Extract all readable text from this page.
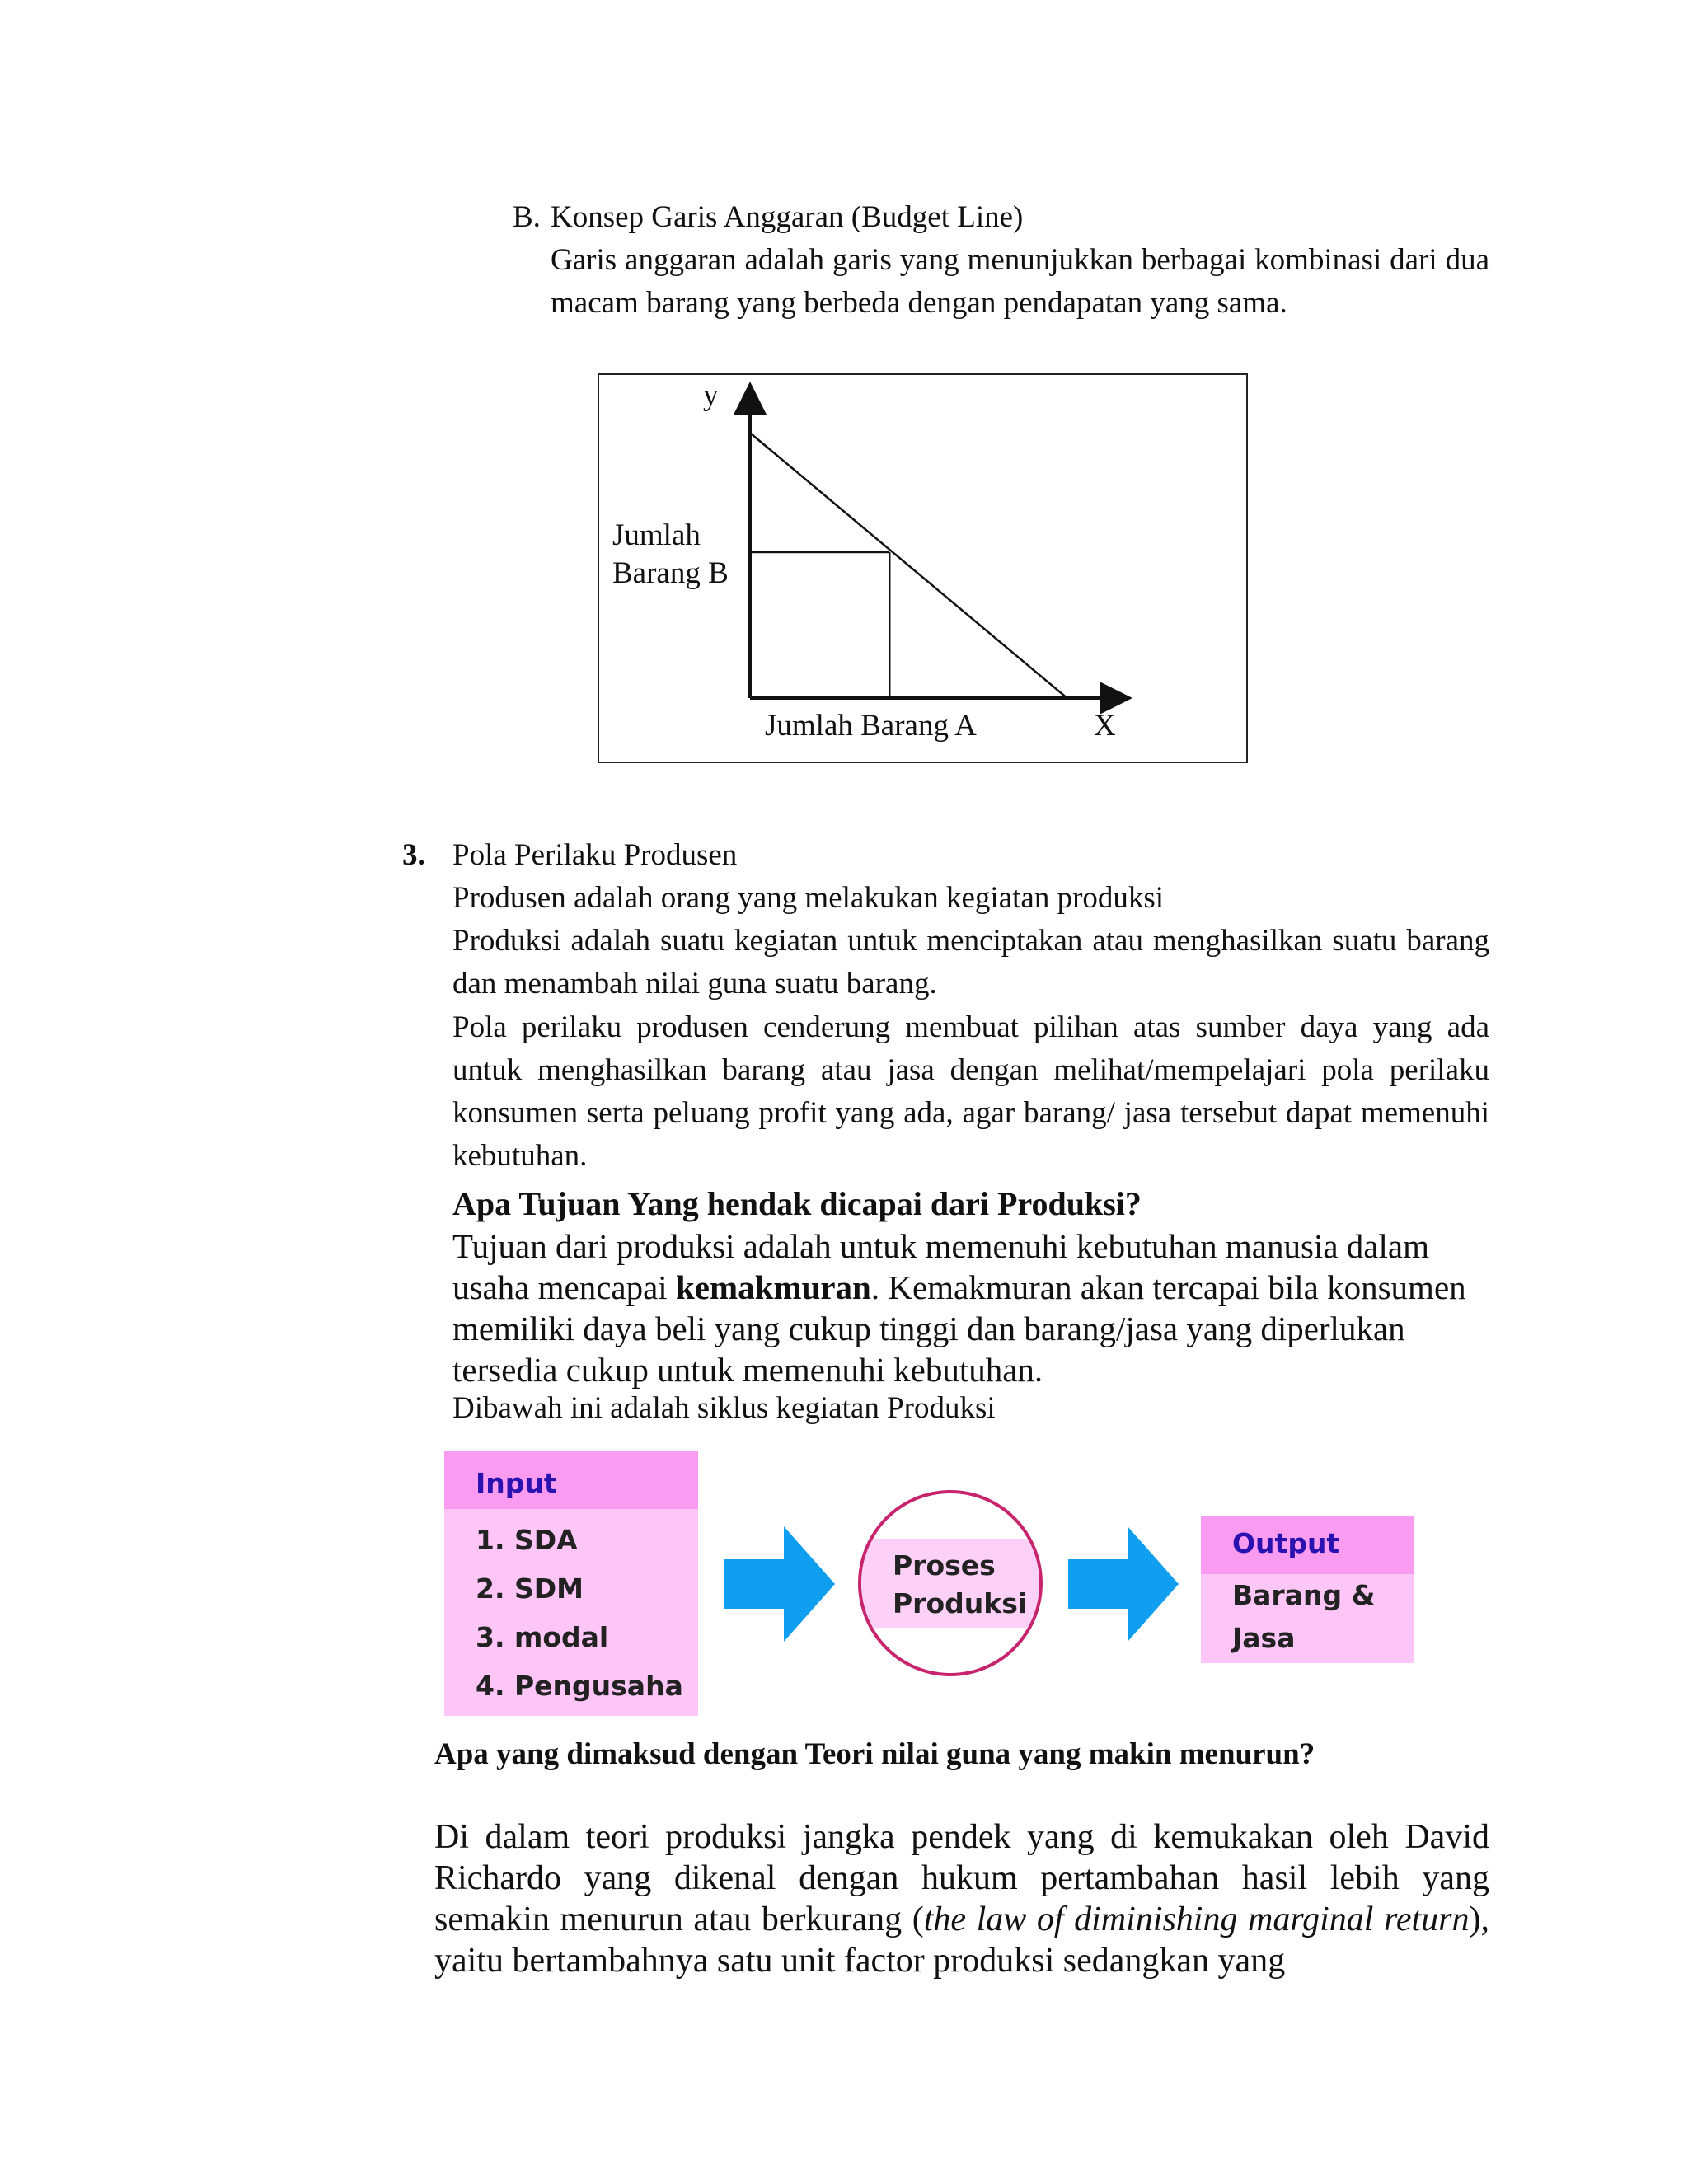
B. Konsep Garis Anggaran (Budget Line)
Garis anggaran adalah garis yang menunjukkan berbagai kombinasi dari dua macam barang yang berbeda dengan pendapatan yang sama.
y
Jumlah Barang B
Jumlah Barang A	X
3. Pola Perilaku Produsen
Produsen adalah orang yang melakukan kegiatan produksi
Produksi adalah suatu kegiatan untuk menciptakan atau menghasilkan suatu barang dan menambah nilai guna suatu barang.
Pola perilaku produsen cenderung membuat pilihan atas sumber daya yang ada untuk menghasilkan barang atau jasa dengan melihat/mempelajari pola perilaku konsumen serta peluang profit yang ada, agar barang/ jasa tersebut dapat memenuhi kebutuhan.
Apa Tujuan Yang hendak dicapai dari Produksi?
Tujuan dari produksi adalah untuk memenuhi kebutuhan manusia dalam usaha mencapai kemakmuran. Kemakmuran akan tercapai bila konsumen memiliki daya beli yang cukup tinggi dan barang/jasa yang diperlukan tersedia cukup untuk memenuhi kebutuhan.
Dibawah ini adalah siklus kegiatan Produksi
Input
1. SDA
2. SDM
3. modal
4. Pengusaha
Proses
Produksi
Output
Barang &
Jasa
Apa yang dimaksud dengan Teori nilai guna yang makin menurun?
Di dalam teori produksi jangka pendek yang di kemukakan oleh David Richardo yang dikenal dengan hukum pertambahan hasil lebih yang semakin menurun atau berkurang (the law of diminishing marginal return), yaitu bertambahnya satu unit factor produksi sedangkan yang
